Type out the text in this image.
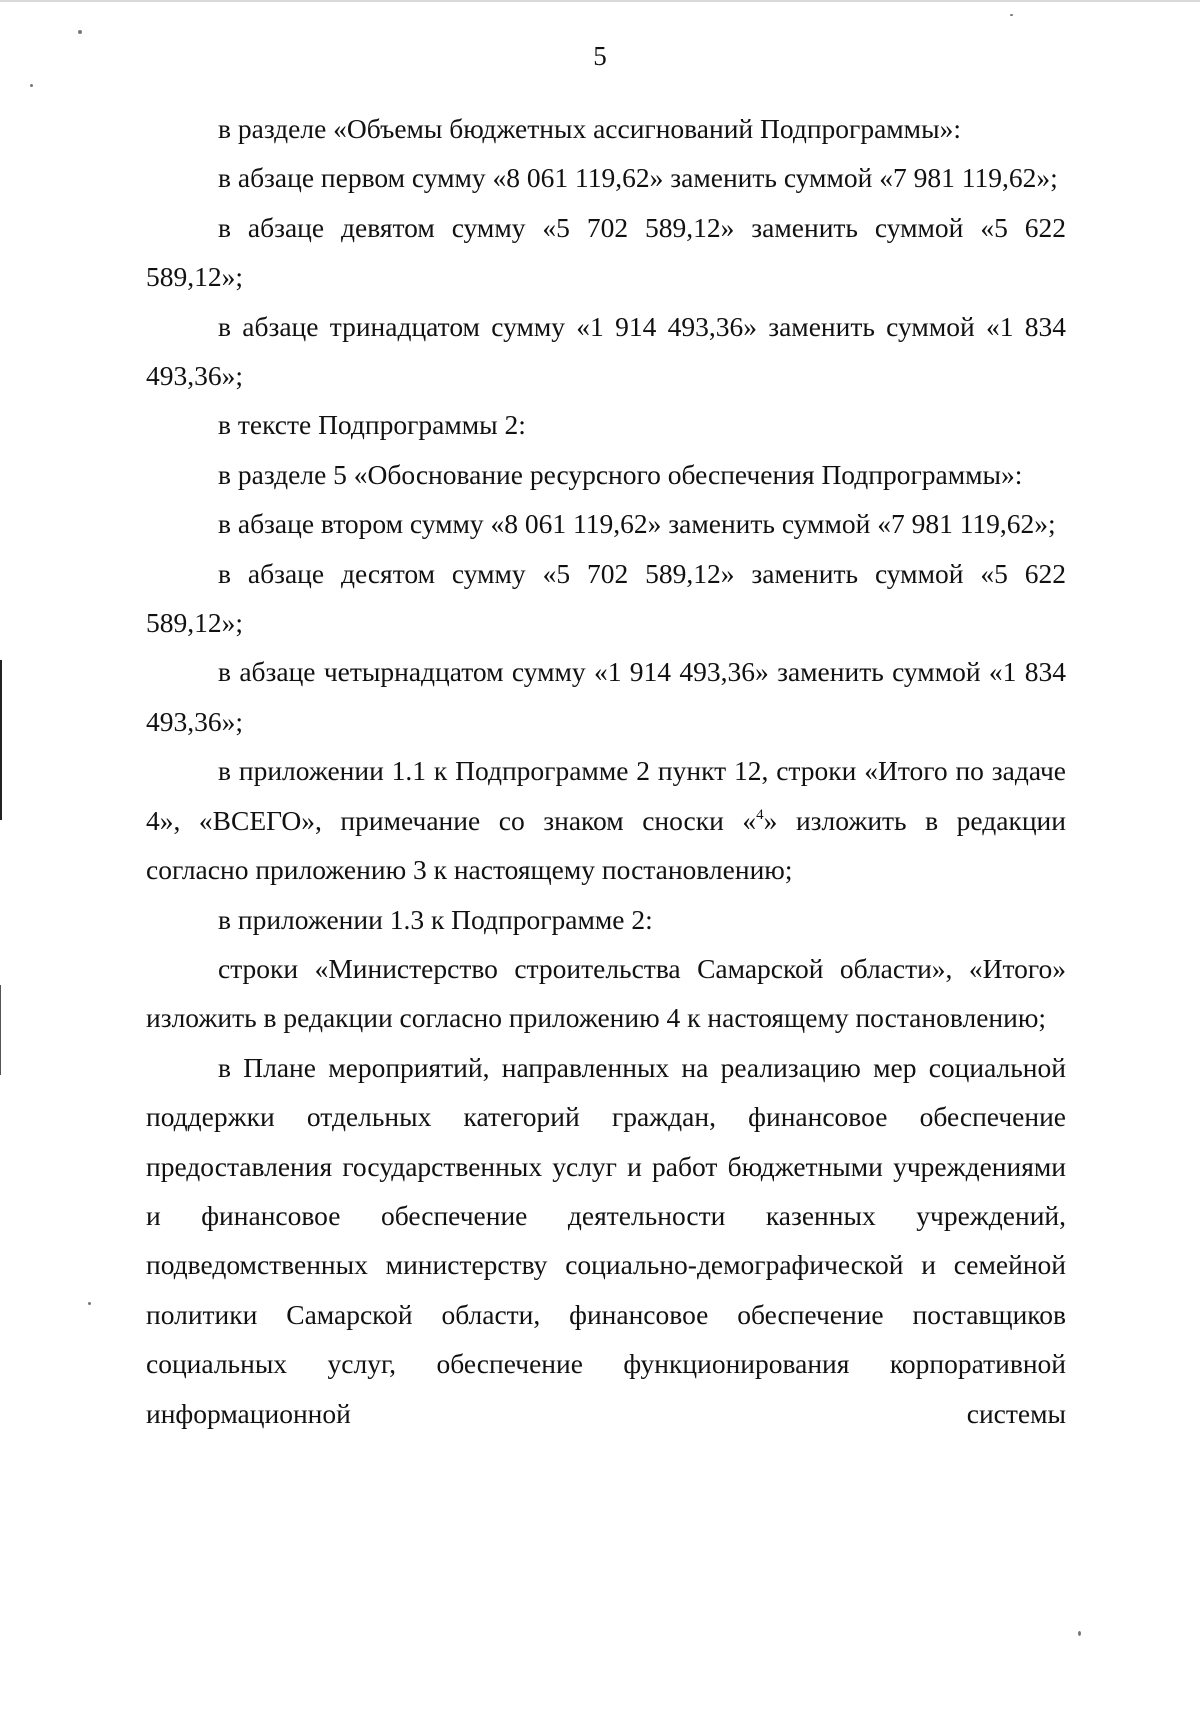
5

в разделе «Объемы бюджетных ассигнований Подпрограммы»:

в абзаце первом сумму «8 061 119,62» заменить суммой «7 981 119,62»;

в абзаце девятом сумму «5 702 589,12» заменить суммой «5 622 589,12»;

в абзаце тринадцатом сумму «1 914 493,36» заменить суммой «1 834 493,36»;

в тексте Подпрограммы 2:

в разделе 5 «Обоснование ресурсного обеспечения Подпрограммы»:

в абзаце втором сумму «8 061 119,62» заменить суммой «7 981 119,62»;

в абзаце десятом сумму «5 702 589,12» заменить суммой «5 622 589,12»;

в абзаце четырнадцатом сумму «1 914 493,36» заменить суммой «1 834 493,36»;

в приложении 1.1 к Подпрограмме 2 пункт 12, строки «Итого по задаче 4», «ВСЕГО», примечание со знаком сноски «$^4$» изложить в редакции согласно приложению 3 к настоящему постановлению;

в приложении 1.3 к Подпрограмме 2:

строки «Министерство строительства Самарской области», «Итого» изложить в редакции согласно приложению 4 к настоящему постановлению;

в Плане мероприятий, направленных на реализацию мер социальной поддержки отдельных категорий граждан, финансовое обеспечение предоставления государственных услуг и работ бюджетными учреждениями и финансовое обеспечение деятельности казенных учреждений, подведомственных министерству социально-демографической и семейной политики Самарской области, финансовое обеспечение поставщиков социальных услуг, обеспечение функционирования корпоративной информационной системы
